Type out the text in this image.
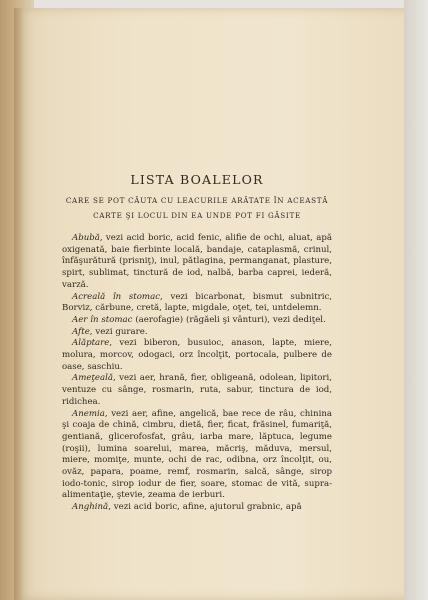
LISTA BOALELOR
CARE SE POT CĂUTA CU LEACURILE ARĂTATE ÎN ACEASTĂ
CARTE ŞI LOCUL DIN EA UNDE POT FI GĂSITE

Abubă, vezi acid boric, acid fenic, alifie de ochi, aluat, apă oxigenată, baie fierbinte locală, bandaje, cataplasmă, crinul, înfăşurătură (prisniţ), inul, pătlagina, permanganat, plasture, spirt, sublimat, tinctură de iod, nalbă, barba caprei, iederă, varză.

Acreală în stomac, vezi bicarbonat, bismut subnitric, Borviz, cărbune, cretă, lapte, migdale, oţet, tei, untdelemn.

Aer în stomac (aerofagie) (răgăeli şi vânturi), vezi dediţel.

Afte, vezi gurare.

Alăptare, vezi biberon, busuioc, anason, lapte, miere, molura, morcov, odogaci, orz încolţit, portocala, pulbere de oase, saschiu.

Ameţeală, vezi aer, hrană, fier, obligeană, odolean, lipitori, ventuze cu sânge, rosmarin, ruta, sabur, tinctura de iod, ridichea.

Anemia, vezi aer, afine, angelică, bae rece de râu, chinina şi coaja de chină, cimbru, dietă, fier, ficat, frăsinel, fumariţă, gentiană, glicerofosfat, grâu, iarba mare, lăptuca, legume (roşii), lumina soarelui, marea, măcriş, măduva, mersul, miere, momiţe, munte, ochi de rac, odibna, orz încolţit, ou, ovăz, papara, poame, remf, rosmarin, salcă, sânge, sirop iodo-tonic, sirop iodur de fier, soare, stomac de vită, supra-alimentaţie, ştevie, zeama de ierburi.

Anghină, vezi acid boric, afine, ajutorul grabnic, apă
